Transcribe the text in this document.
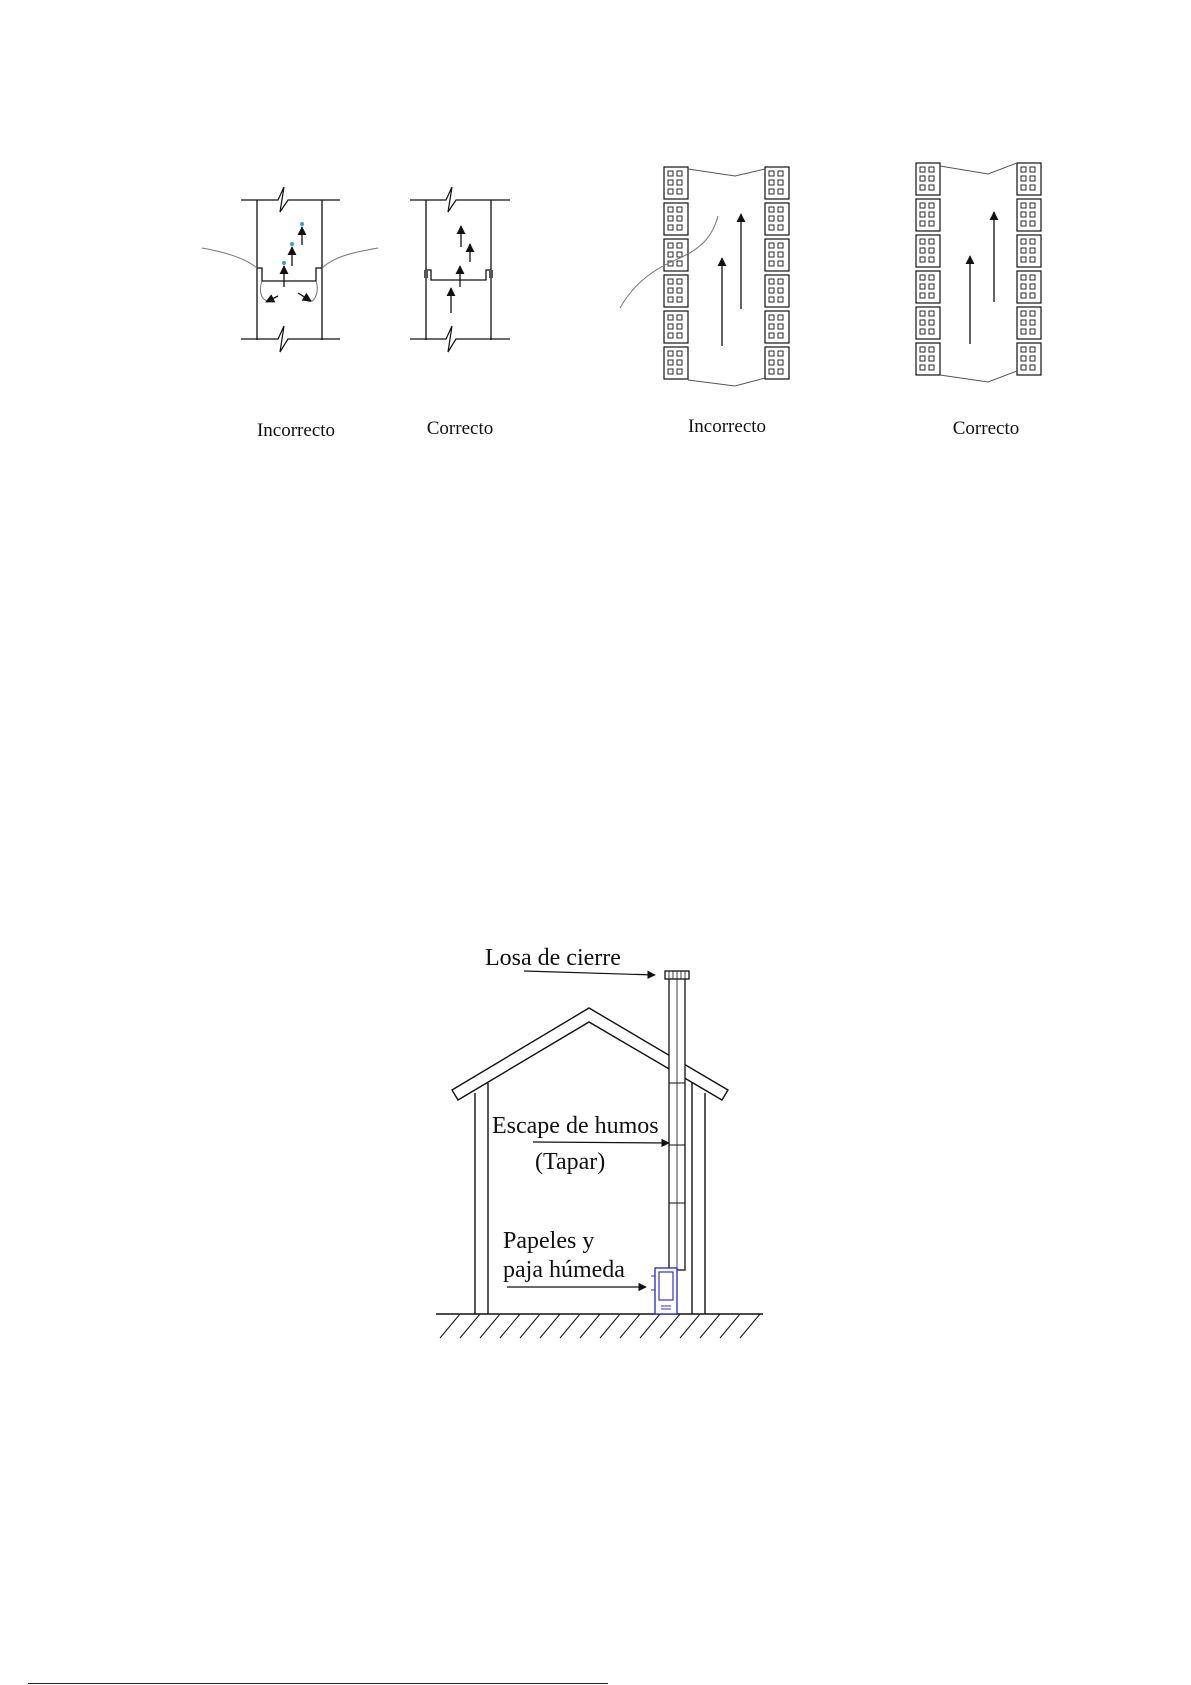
Incorrecto	Correcto	Incorrecto	Correcto
Losa de cierre
Escape de humos
(Tapar)
Papeles y
paja húmeda
